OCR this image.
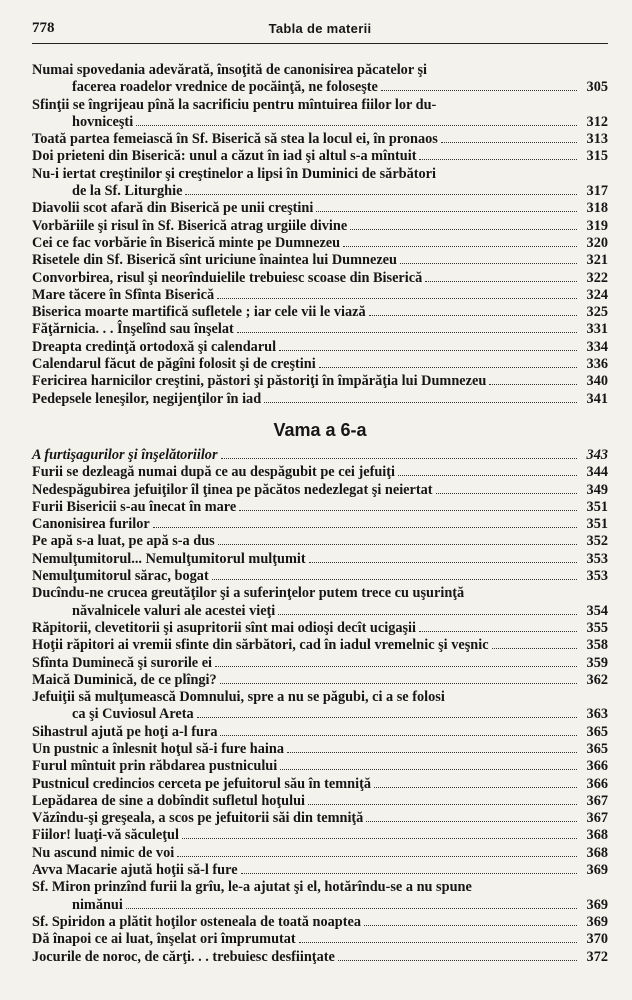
778	Tabla de materii
Numai spovedania adevărată, însoţită de canonisirea păcatelor şi
facerea roadelor vrednice de pocăinţă, ne foloseşte	305
Sfinţii se îngrijeau pînă la sacrificiu pentru mîntuirea fiilor lor du-
hovniceşti	312
Toată partea femeiască în Sf. Biserică să stea la locul ei, în pronaos	313
Doi prieteni din Biserică: unul a căzut în iad şi altul s-a mîntuit	315
Nu-i iertat creştinilor şi creştinelor a lipsi în Duminici de sărbători
de la Sf. Liturghie	317
Diavolii scot afară din Biserică pe unii creştini	318
Vorbăriile şi risul în Sf. Biserică atrag urgiile divine	319
Cei ce fac vorbărie în Biserică minte pe Dumnezeu	320
Risetele din Sf. Biserică sînt uriciune înaintea lui Dumnezeu	321
Convorbirea, risul şi neorînduielile trebuiesc scoase din Biserică	322
Mare tăcere în Sfînta Biserică	324
Biserica moarte martifică sufletele ; iar cele vii le viază	325
Făţărnicia. . . Înşelînd sau înşelat	331
Dreapta credinţă ortodoxă şi calendarul	334
Calendarul făcut de păgîni folosit şi de creştini	336
Fericirea harnicilor creştini, păstori şi păstoriţi în împărăţia lui Dumnezeu	340
Pedepsele leneşilor, negijenţilor în iad	341
Vama a 6-a
A furtişagurilor şi înşelătoriilor	343
Furii se dezleagă numai după ce au despăgubit pe cei jefuiţi	344
Nedespăgubirea jefuiţilor îl ţinea pe păcătos nedezlegat şi neiertat	349
Furii Bisericii s-au înecat în mare	351
Canonisirea furilor	351
Pe apă s-a luat, pe apă s-a dus	352
Nemulţumitorul... Nemulţumitorul mulţumit	353
Nemulţumitorul sărac, bogat	353
Ducîndu-ne crucea greutăţilor şi a suferinţelor putem trece cu uşurinţă
năvalnicele valuri ale acestei vieţi	354
Răpitorii, clevetitorii şi asupritorii sînt mai odioşi decît ucigaşii	355
Hoţii răpitori ai vremii sfinte din sărbători, cad în iadul vremelnic şi veşnic	358
Sfînta Duminecă şi surorile ei	359
Maică Duminică, de ce plîngi?	362
Jefuiţii să mulţumească Domnului, spre a nu se păgubi, ci a se folosi
ca şi Cuviosul Areta	363
Sihastrul ajută pe hoţi a-l fura	365
Un pustnic a înlesnit hoţul să-i fure haina	365
Furul mîntuit prin răbdarea pustnicului	366
Pustnicul credincios cerceta pe jefuitorul său în temniţă	366
Lepădarea de sine a dobîndit sufletul hoţului	367
Văzîndu-şi greşeala, a scos pe jefuitorii săi din temniţă	367
Fiilor! luaţi-vă săculeţul	368
Nu ascund nimic de voi	368
Avva Macarie ajută hoţii să-l fure	369
Sf. Miron prinzînd furii la grîu, le-a ajutat şi el, hotărîndu-se a nu spune
nimănui	369
Sf. Spiridon a plătit hoţilor osteneala de toată noaptea	369
Dă înapoi ce ai luat, înşelat ori împrumutat	370
Jocurile de noroc, de cărţi. . . trebuiesc desfiinţate	372
